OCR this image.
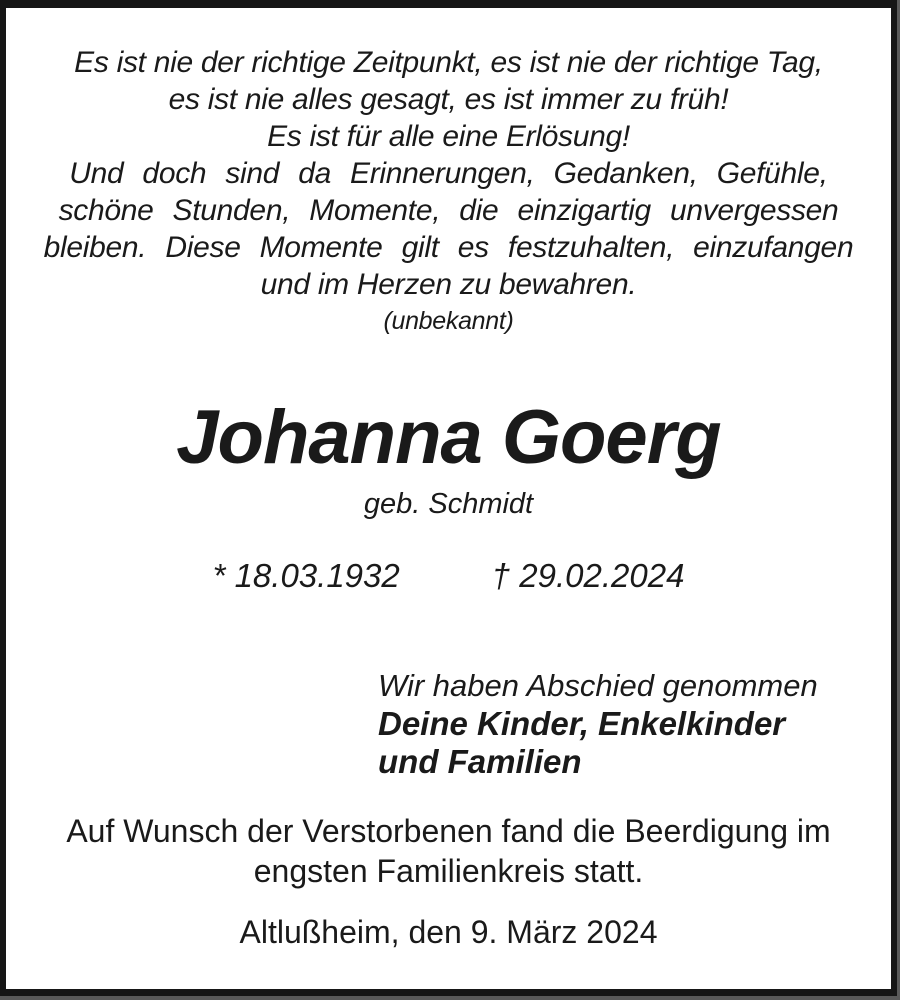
Es ist nie der richtige Zeitpunkt, es ist nie der richtige Tag,
es ist nie alles gesagt, es ist immer zu früh!
Es ist für alle eine Erlösung!
Und doch sind da Erinnerungen, Gedanken, Gefühle,
schöne Stunden, Momente, die einzigartig unvergessen
bleiben. Diese Momente gilt es festzuhalten, einzufangen
und im Herzen zu bewahren.
(unbekannt)
Johanna Goerg
geb. Schmidt
* 18.03.1932	† 29.02.2024
Wir haben Abschied genommen
Deine Kinder, Enkelkinder
und Familien
Auf Wunsch der Verstorbenen fand die Beerdigung im
engsten Familienkreis statt.
Altlußheim, den 9. März 2024
